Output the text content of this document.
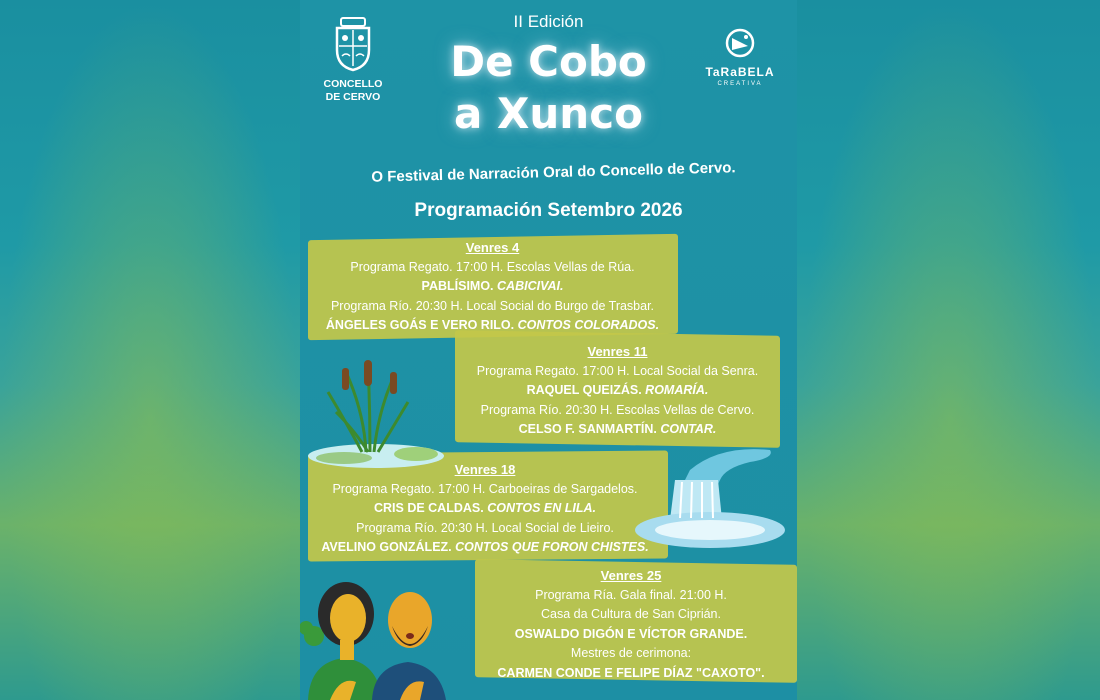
CONCELLO
DE CERVO
TaRaBELA
CREATIVA
II Edición
De Cobo
a Xunco
O Festival de Narración Oral do Concello de Cervo.
Programación Setembro 2026
Venres 4
Programa Regato. 17:00 H. Escolas Vellas de Rúa.
PABLÍSIMO. CABICIVAI.
Programa Río. 20:30 H. Local Social do Burgo de Trasbar.
ÁNGELES GOÁS E VERO RILO. CONTOS COLORADOS.
Venres 11
Programa Regato. 17:00 H. Local Social da Senra.
RAQUEL QUEIZÁS. ROMARÍA.
Programa Río. 20:30 H. Escolas Vellas de Cervo.
CELSO F. SANMARTÍN. CONTAR.
Venres 18
Programa Regato. 17:00 H. Carboeiras de Sargadelos.
CRIS DE CALDAS. CONTOS EN LILA.
Programa Río. 20:30 H. Local Social de Lieiro.
AVELINO GONZÁLEZ. CONTOS QUE FORON CHISTES.
Venres 25
Programa Ría. Gala final. 21:00 H.
Casa da Cultura de San Ciprián.
OSWALDO DIGÓN E VÍCTOR GRANDE.
Mestres de cerimona:
CARMEN CONDE E FELIPE DÍAZ "CAXOTO".
